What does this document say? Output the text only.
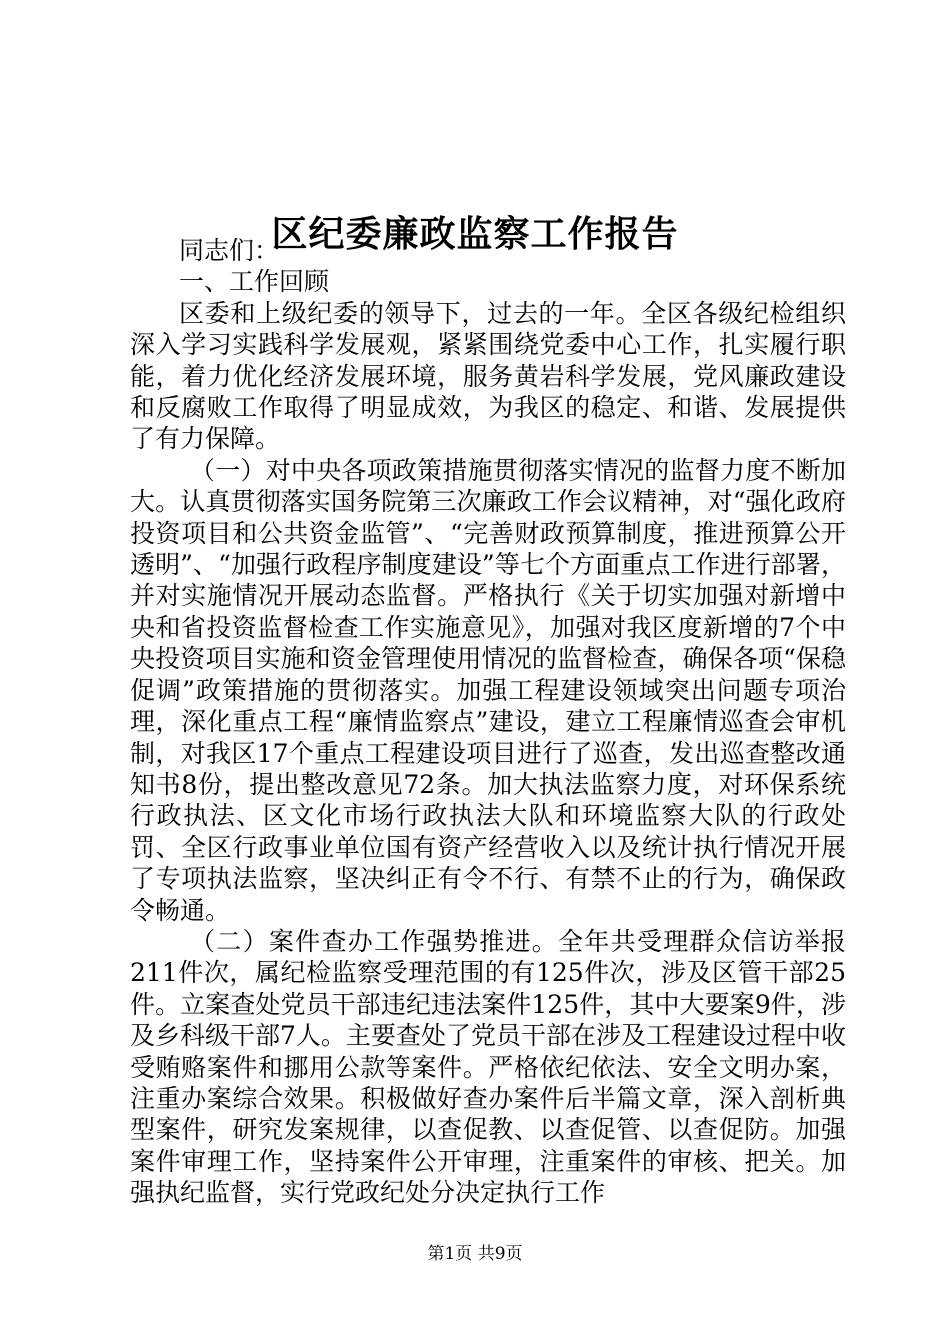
区纪委廉政监察工作报告

同志们：

一、工作回顾

区委和上级纪委的领导下，过去的一年。全区各级纪检组织深入学习实践科学发展观，紧紧围绕党委中心工作，扎实履行职能，着力优化经济发展环境，服务黄岩科学发展，党风廉政建设和反腐败工作取得了明显成效，为我区的稳定、和谐、发展提供了有力保障。

（一）对中央各项政策措施贯彻落实情况的监督力度不断加大。认真贯彻落实国务院第三次廉政工作会议精神，对“强化政府投资项目和公共资金监管”、“完善财政预算制度，推进预算公开透明”、“加强行政程序制度建设”等七个方面重点工作进行部署，并对实施情况开展动态监督。严格执行《关于切实加强对新增中央和省投资监督检查工作实施意见》，加强对我区度新增的7个中央投资项目实施和资金管理使用情况的监督检查，确保各项“保稳促调”政策措施的贯彻落实。加强工程建设领域突出问题专项治理，深化重点工程“廉情监察点”建设，建立工程廉情巡查会审机制，对我区17个重点工程建设项目进行了巡查，发出巡查整改通知书8份，提出整改意见72条。加大执法监察力度，对环保系统行政执法、区文化市场行政执法大队和环境监察大队的行政处罚、全区行政事业单位国有资产经营收入以及统计执行情况开展了专项执法监察，坚决纠正有令不行、有禁不止的行为，确保政令畅通。

（二）案件查办工作强势推进。全年共受理群众信访举报211件次，属纪检监察受理范围的有125件次，涉及区管干部25件。立案查处党员干部违纪违法案件125件，其中大要案9件，涉及乡科级干部7人。主要查处了党员干部在涉及工程建设过程中收受贿赂案件和挪用公款等案件。严格依纪依法、安全文明办案，注重办案综合效果。积极做好查办案件后半篇文章，深入剖析典型案件，研究发案规律，以查促教、以查促管、以查促防。加强案件审理工作，坚持案件公开审理，注重案件的审核、把关。加强执纪监督，实行党政纪处分决定执行工作

第1页 共9页
